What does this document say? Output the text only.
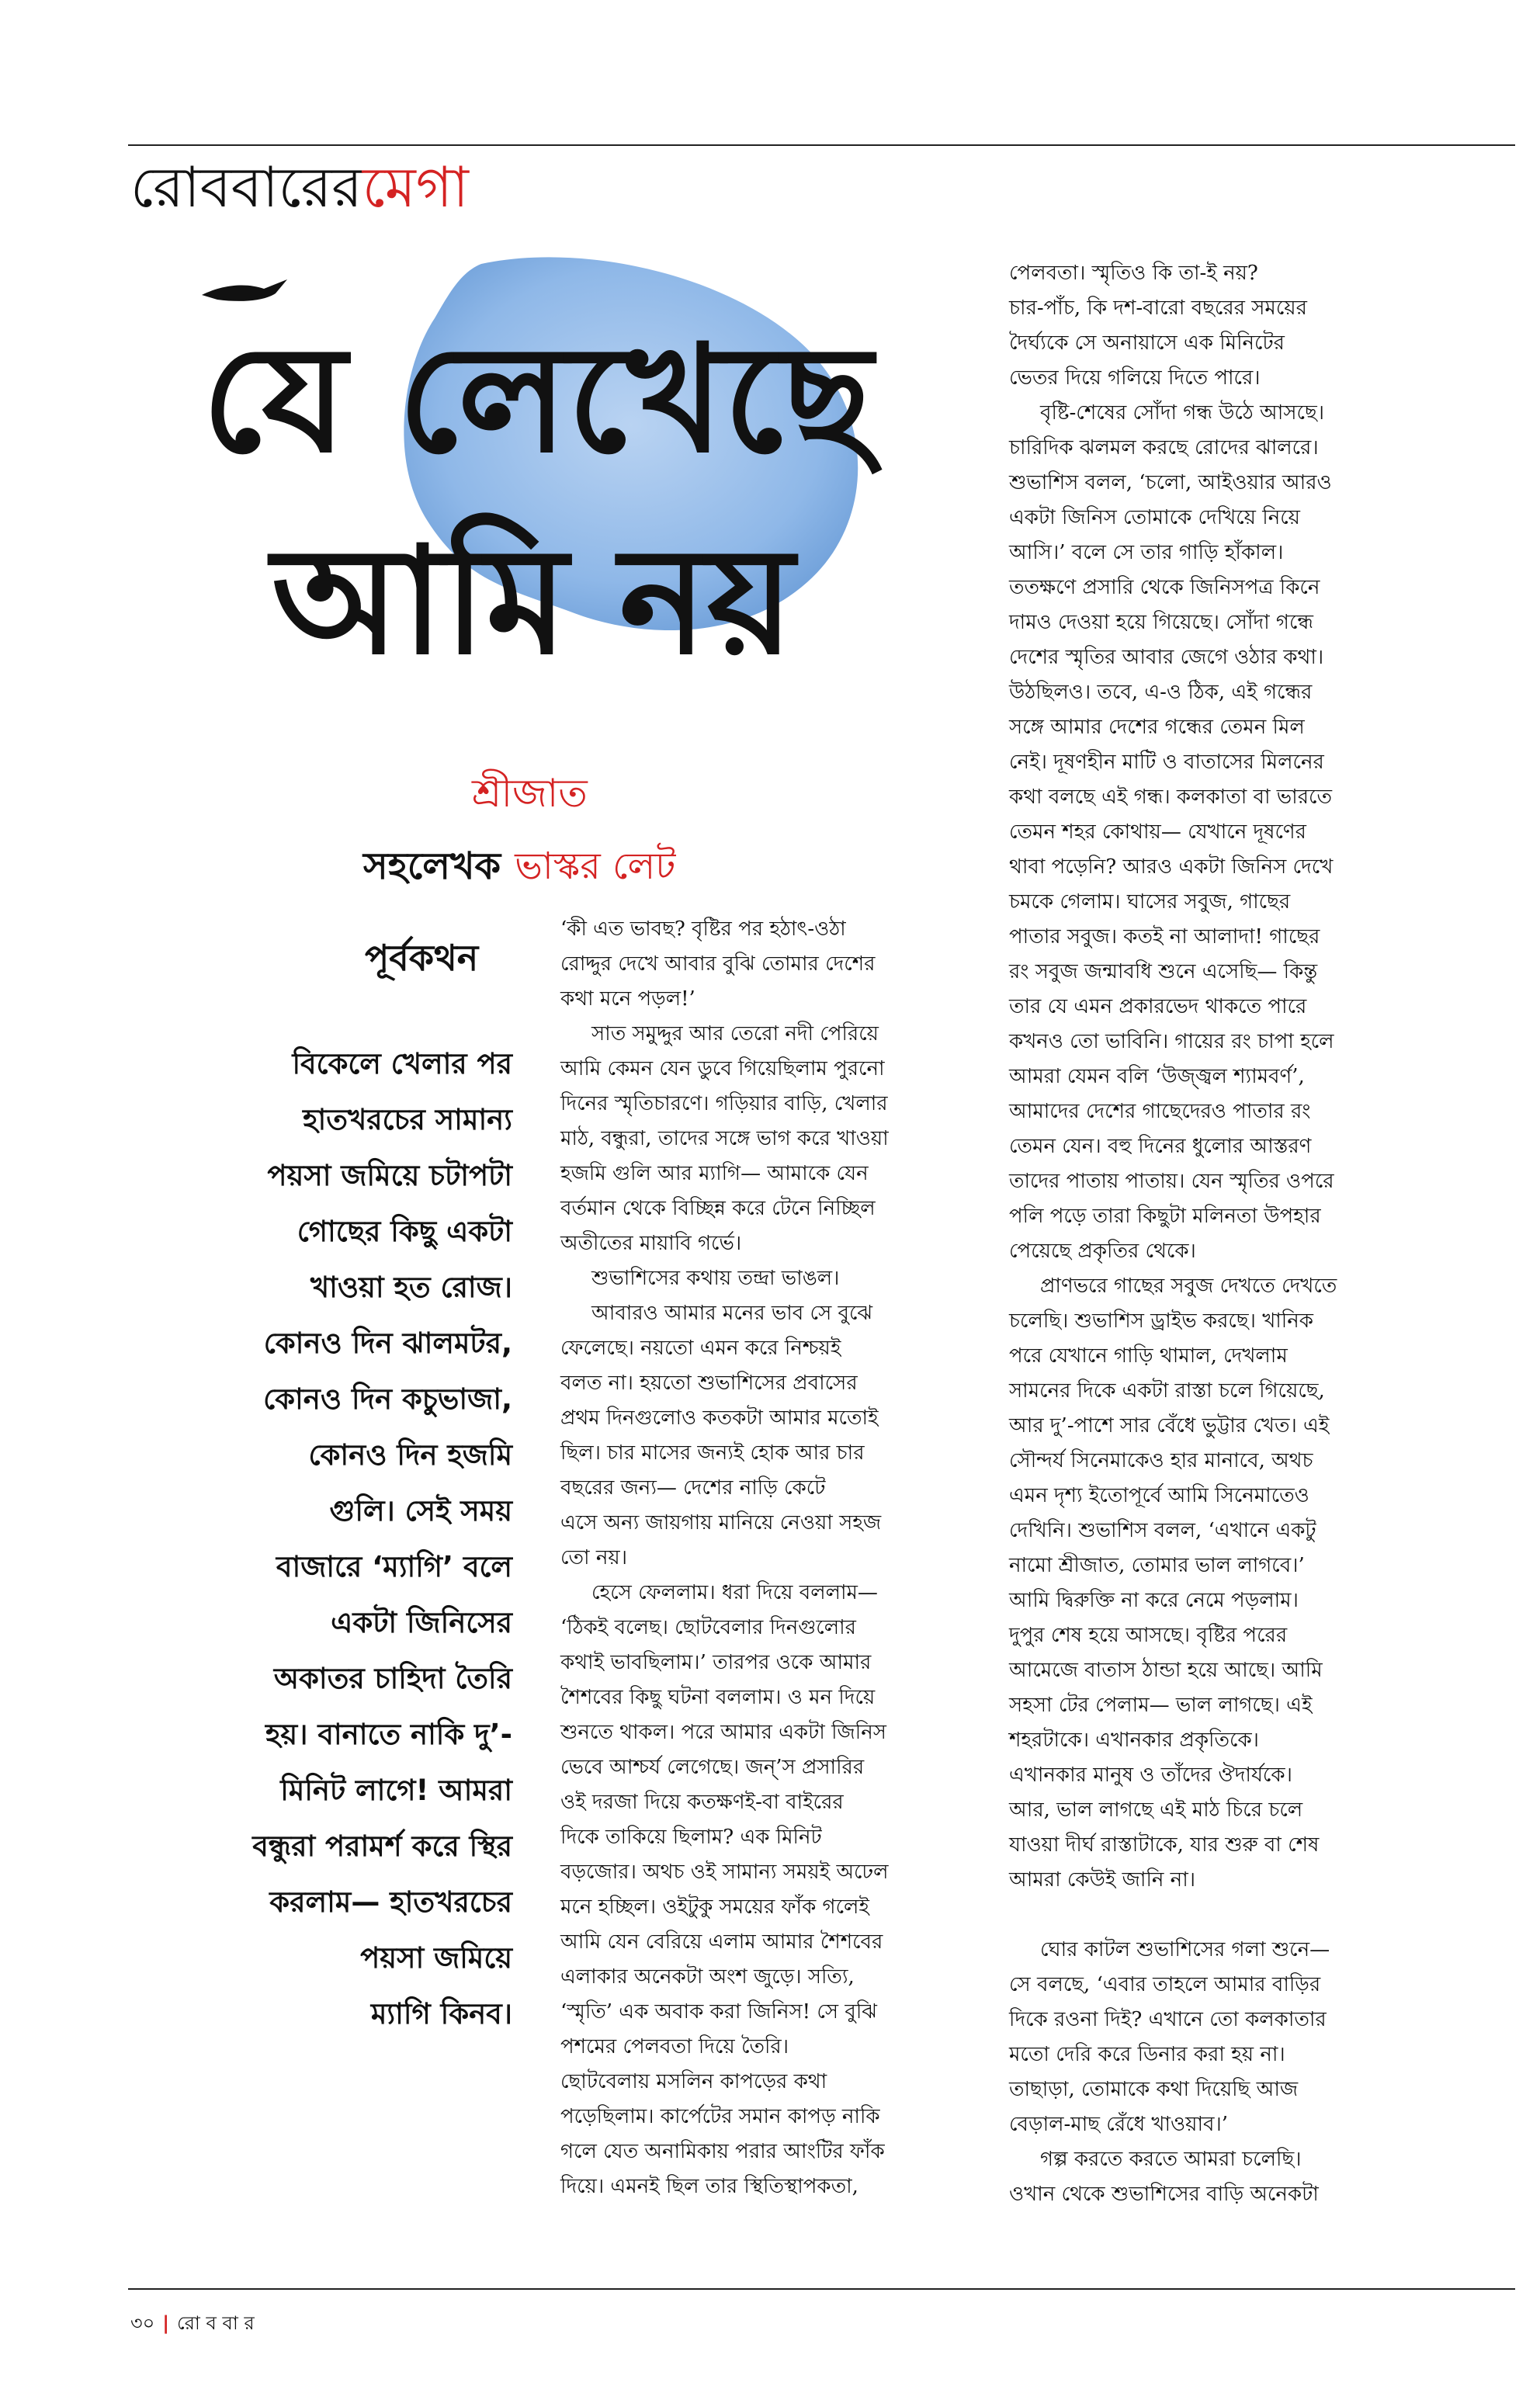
রোববারেরমেগা
যে লেখেছে
আমি নয়
শ্রীজাত
সহলেখক ভাস্কর লেট
পূর্বকথন
বিকেলে খেলার পর
হাতখরচের সামান্য
পয়সা জমিয়ে চটাপটা
গোছের কিছু একটা
খাওয়া হত রোজ।
কোনও দিন ঝালমটর,
কোনও দিন কচুভাজা,
কোনও দিন হজমি
গুলি। সেই সময়
বাজারে ‘ম্যাগি’ বলে
একটা জিনিসের
অকাতর চাহিদা তৈরি
হয়। বানাতে নাকি দু’-
মিনিট লাগে! আমরা
বন্ধুরা পরামর্শ করে স্থির
করলাম— হাতখরচের
পয়সা জমিয়ে
ম্যাগি কিনব।
‘কী এত ভাবছ? বৃষ্টির পর হঠাৎ-ওঠা
রোদ্দুর দেখে আবার বুঝি তোমার দেশের
কথা মনে পড়ল!’
সাত সমুদ্দুর আর তেরো নদী পেরিয়ে
আমি কেমন যেন ডুবে গিয়েছিলাম পুরনো
দিনের স্মৃতিচারণে। গড়িয়ার বাড়ি, খেলার
মাঠ, বন্ধুরা, তাদের সঙ্গে ভাগ করে খাওয়া
হজমি গুলি আর ম্যাগি— আমাকে যেন
বর্তমান থেকে বিচ্ছিন্ন করে টেনে নিচ্ছিল
অতীতের মায়াবি গর্ভে।
শুভাশিসের কথায় তন্দ্রা ভাঙল।
আবারও আমার মনের ভাব সে বুঝে
ফেলেছে। নয়তো এমন করে নিশ্চয়ই
বলত না। হয়তো শুভাশিসের প্রবাসের
প্রথম দিনগুলোও কতকটা আমার মতোই
ছিল। চার মাসের জন্যই হোক আর চার
বছরের জন্য— দেশের নাড়ি কেটে
এসে অন্য জায়গায় মানিয়ে নেওয়া সহজ
তো নয়।
হেসে ফেললাম। ধরা দিয়ে বললাম—
‘ঠিকই বলেছ। ছোটবেলার দিনগুলোর
কথাই ভাবছিলাম।’ তারপর ওকে আমার
শৈশবের কিছু ঘটনা বললাম। ও মন দিয়ে
শুনতে থাকল। পরে আমার একটা জিনিস
ভেবে আশ্চর্য লেগেছে। জন্’স প্রসারির
ওই দরজা দিয়ে কতক্ষণই-বা বাইরের
দিকে তাকিয়ে ছিলাম? এক মিনিট
বড়জোর। অথচ ওই সামান্য সময়ই অঢেল
মনে হচ্ছিল। ওইটুকু সময়ের ফাঁক গলেই
আমি যেন বেরিয়ে এলাম আমার শৈশবের
এলাকার অনেকটা অংশ জুড়ে। সত্যি,
‘স্মৃতি’ এক অবাক করা জিনিস! সে বুঝি
পশমের পেলবতা দিয়ে তৈরি।
ছোটবেলায় মসলিন কাপড়ের কথা
পড়েছিলাম। কার্পেটের সমান কাপড় নাকি
গলে যেত অনামিকায় পরার আংটির ফাঁক
দিয়ে। এমনই ছিল তার স্থিতিস্থাপকতা,
পেলবতা। স্মৃতিও কি তা-ই নয়?
চার-পাঁচ, কি দশ-বারো বছরের সময়ের
দৈর্ঘ্যকে সে অনায়াসে এক মিনিটের
ভেতর দিয়ে গলিয়ে দিতে পারে।
বৃষ্টি-শেষের সোঁদা গন্ধ উঠে আসছে।
চারিদিক ঝলমল করছে রোদের ঝালরে।
শুভাশিস বলল, ‘চলো, আইওয়ার আরও
একটা জিনিস তোমাকে দেখিয়ে নিয়ে
আসি।’ বলে সে তার গাড়ি হাঁকাল।
ততক্ষণে প্রসারি থেকে জিনিসপত্র কিনে
দামও দেওয়া হয়ে গিয়েছে। সোঁদা গন্ধে
দেশের স্মৃতির আবার জেগে ওঠার কথা।
উঠছিলও। তবে, এ-ও ঠিক, এই গন্ধের
সঙ্গে আমার দেশের গন্ধের তেমন মিল
নেই। দূষণহীন মাটি ও বাতাসের মিলনের
কথা বলছে এই গন্ধ। কলকাতা বা ভারতে
তেমন শহর কোথায়— যেখানে দূষণের
থাবা পড়েনি? আরও একটা জিনিস দেখে
চমকে গেলাম। ঘাসের সবুজ, গাছের
পাতার সবুজ। কতই না আলাদা! গাছের
রং সবুজ জন্মাবধি শুনে এসেছি— কিন্তু
তার যে এমন প্রকারভেদ থাকতে পারে
কখনও তো ভাবিনি। গায়ের রং চাপা হলে
আমরা যেমন বলি ‘উজ্জ্বল শ্যামবর্ণ’,
আমাদের দেশের গাছেদেরও পাতার রং
তেমন যেন। বহু দিনের ধুলোর আস্তরণ
তাদের পাতায় পাতায়। যেন স্মৃতির ওপরে
পলি পড়ে তারা কিছুটা মলিনতা উপহার
পেয়েছে প্রকৃতির থেকে।
প্রাণভরে গাছের সবুজ দেখতে দেখতে
চলেছি। শুভাশিস ড্রাইভ করছে। খানিক
পরে যেখানে গাড়ি থামাল, দেখলাম
সামনের দিকে একটা রাস্তা চলে গিয়েছে,
আর দু’-পাশে সার বেঁধে ভুট্টার খেত। এই
সৌন্দর্য সিনেমাকেও হার মানাবে, অথচ
এমন দৃশ্য ইতোপূর্বে আমি সিনেমাতেও
দেখিনি। শুভাশিস বলল, ‘এখানে একটু
নামো শ্রীজাত, তোমার ভাল লাগবে।’
আমি দ্বিরুক্তি না করে নেমে পড়লাম।
দুপুর শেষ হয়ে আসছে। বৃষ্টির পরের
আমেজে বাতাস ঠান্ডা হয়ে আছে। আমি
সহসা টের পেলাম— ভাল লাগছে। এই
শহরটাকে। এখানকার প্রকৃতিকে।
এখানকার মানুষ ও তাঁদের ঔদার্যকে।
আর, ভাল লাগছে এই মাঠ চিরে চলে
যাওয়া দীর্ঘ রাস্তাটাকে, যার শুরু বা শেষ
আমরা কেউই জানি না।
ঘোর কাটল শুভাশিসের গলা শুনে—
সে বলছে, ‘এবার তাহলে আমার বাড়ির
দিকে রওনা দিই? এখানে তো কলকাতার
মতো দেরি করে ডিনার করা হয় না।
তাছাড়া, তোমাকে কথা দিয়েছি আজ
বেড়াল-মাছ রেঁধে খাওয়াব।’
গল্প করতে করতে আমরা চলেছি।
ওখান থেকে শুভাশিসের বাড়ি অনেকটা
৩০ | রো ব বা র
